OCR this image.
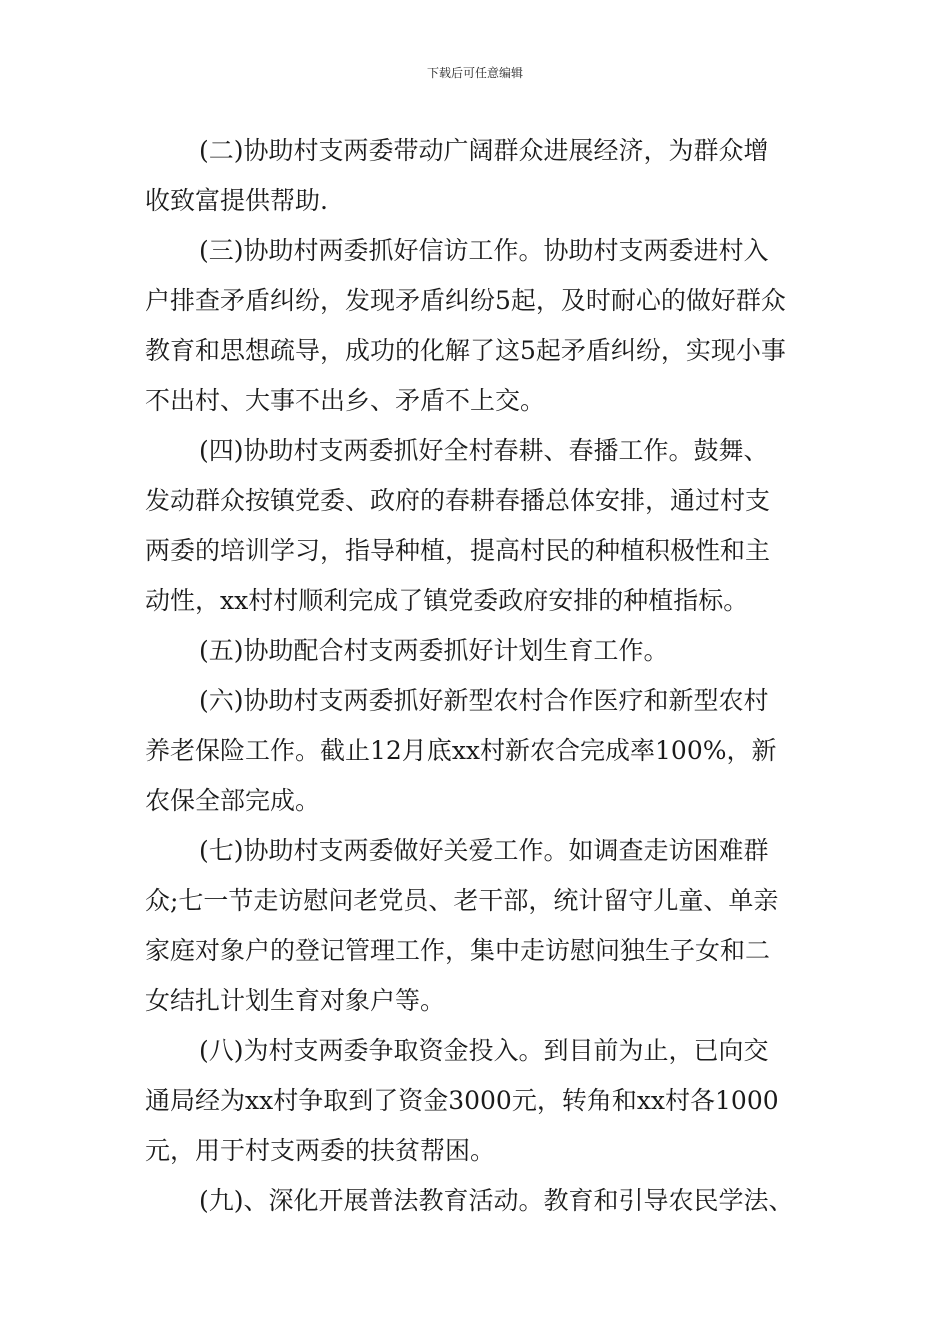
下载后可任意编辑
(二)协助村支两委带动广阔群众进展经济，为群众增
收致富提供帮助.
(三)协助村两委抓好信访工作。协助村支两委进村入
户排查矛盾纠纷，发现矛盾纠纷5起，及时耐心的做好群众
教育和思想疏导，成功的化解了这5起矛盾纠纷，实现小事
不出村、大事不出乡、矛盾不上交。
(四)协助村支两委抓好全村春耕、春播工作。鼓舞、
发动群众按镇党委、政府的春耕春播总体安排，通过村支
两委的培训学习，指导种植，提高村民的种植积极性和主
动性，xx村村顺利完成了镇党委政府安排的种植指标。
(五)协助配合村支两委抓好计划生育工作。
(六)协助村支两委抓好新型农村合作医疗和新型农村
养老保险工作。截止12月底xx村新农合完成率100%，新
农保全部完成。
(七)协助村支两委做好关爱工作。如调查走访困难群
众;七一节走访慰问老党员、老干部，统计留守儿童、单亲
家庭对象户的登记管理工作，集中走访慰问独生子女和二
女结扎计划生育对象户等。
(八)为村支两委争取资金投入。到目前为止，已向交
通局经为xx村争取到了资金3000元，转角和xx村各1000
元，用于村支两委的扶贫帮困。
(九)、深化开展普法教育活动。教育和引导农民学法、
